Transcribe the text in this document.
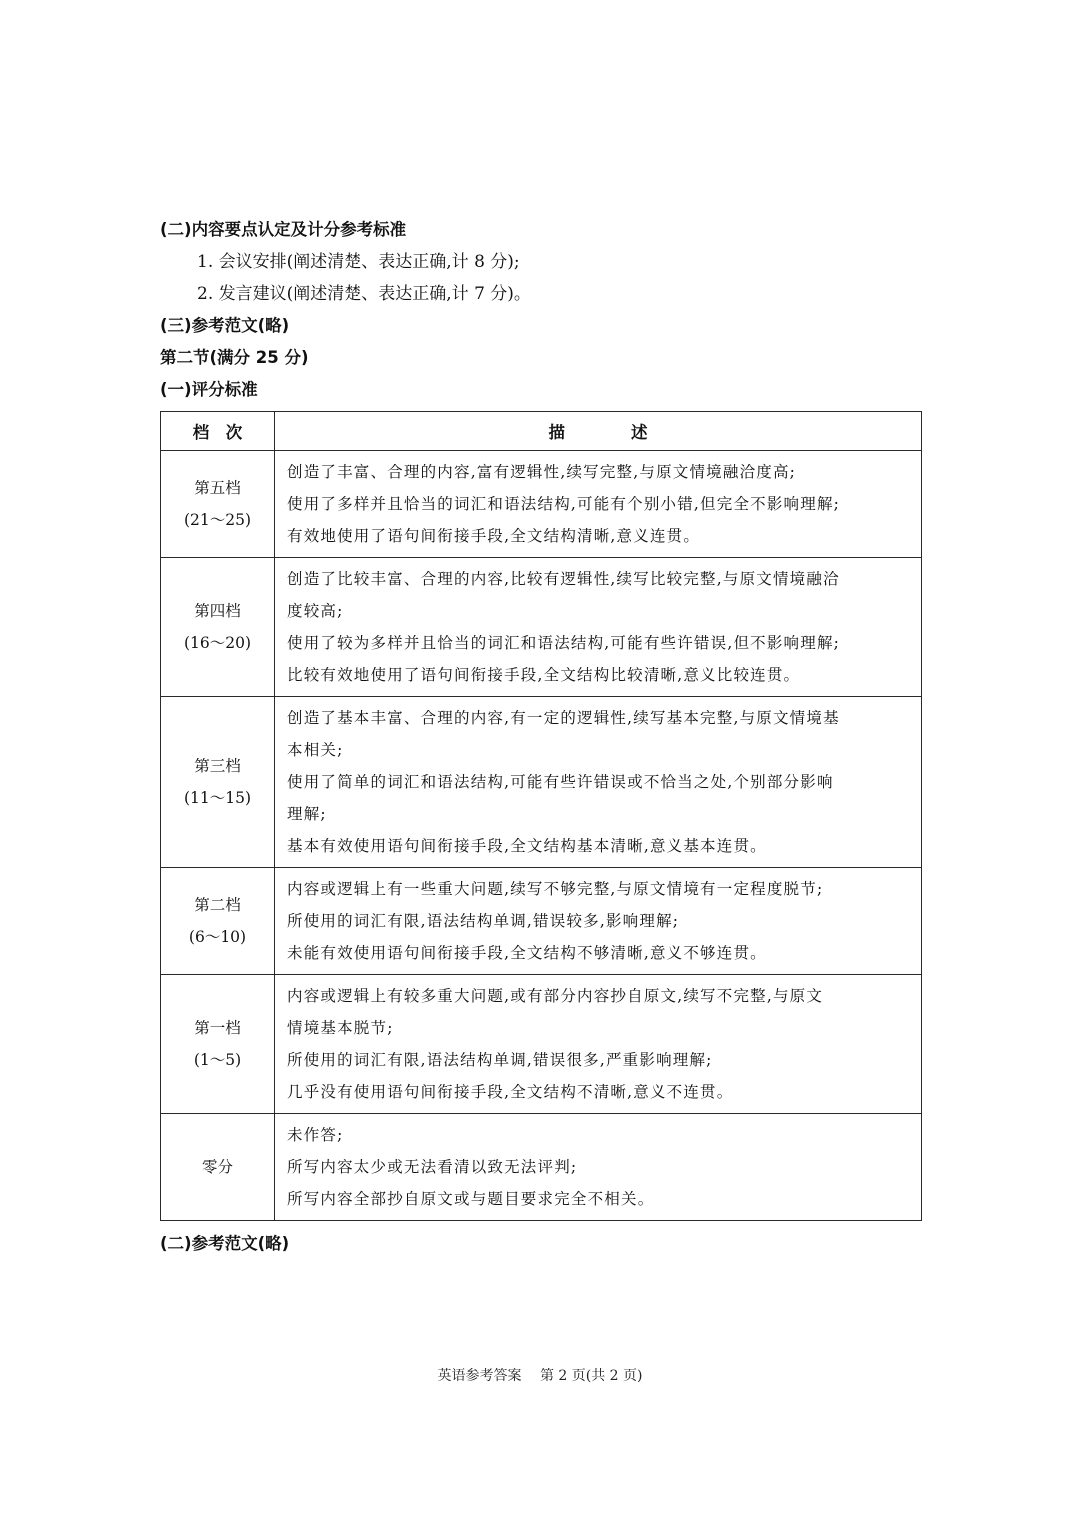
(二)内容要点认定及计分参考标准
1. 会议安排(阐述清楚、表达正确,计 8 分);
2. 发言建议(阐述清楚、表达正确,计 7 分)。
(三)参考范文(略)
第二节(满分 25 分)
(一)评分标准
档　次	描　　　　述

第五档
(21～25)	创造了丰富、合理的内容,富有逻辑性,续写完整,与原文情境融洽度高;
使用了多样并且恰当的词汇和语法结构,可能有个别小错,但完全不影响理解;
有效地使用了语句间衔接手段,全文结构清晰,意义连贯。

第四档
(16～20)	创造了比较丰富、合理的内容,比较有逻辑性,续写比较完整,与原文情境融洽
度较高;
使用了较为多样并且恰当的词汇和语法结构,可能有些许错误,但不影响理解;
比较有效地使用了语句间衔接手段,全文结构比较清晰,意义比较连贯。

第三档
(11～15)	创造了基本丰富、合理的内容,有一定的逻辑性,续写基本完整,与原文情境基
本相关;
使用了简单的词汇和语法结构,可能有些许错误或不恰当之处,个别部分影响
理解;
基本有效使用语句间衔接手段,全文结构基本清晰,意义基本连贯。

第二档
(6～10)	内容或逻辑上有一些重大问题,续写不够完整,与原文情境有一定程度脱节;
所使用的词汇有限,语法结构单调,错误较多,影响理解;
未能有效使用语句间衔接手段,全文结构不够清晰,意义不够连贯。

第一档
(1～5)	内容或逻辑上有较多重大问题,或有部分内容抄自原文,续写不完整,与原文
情境基本脱节;
所使用的词汇有限,语法结构单调,错误很多,严重影响理解;
几乎没有使用语句间衔接手段,全文结构不清晰,意义不连贯。

零分	未作答;
所写内容太少或无法看清以致无法评判;
所写内容全部抄自原文或与题目要求完全不相关。
(二)参考范文(略)
英语参考答案 第 2 页(共 2 页)
